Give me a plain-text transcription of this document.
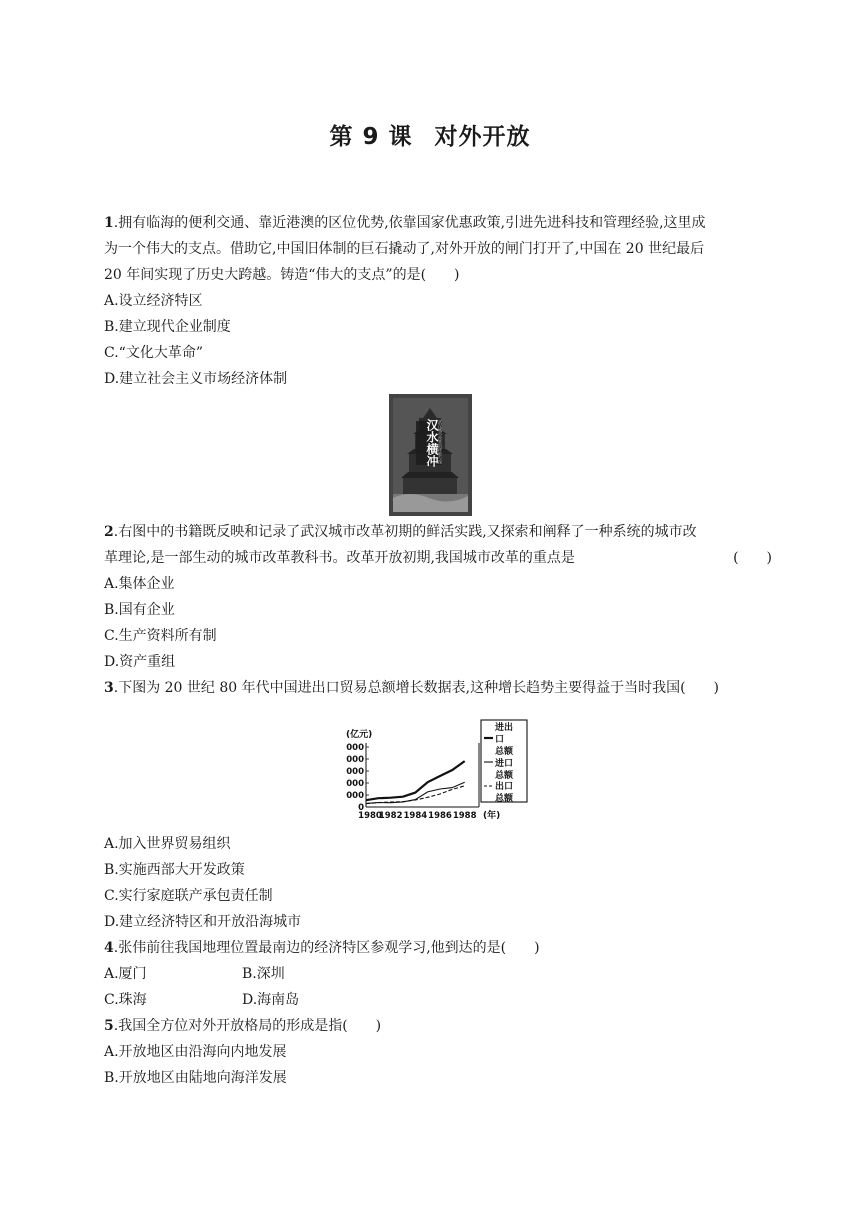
第 9 课 对外开放

1.拥有临海的便利交通、靠近港澳的区位优势,依靠国家优惠政策,引进先进科技和管理经验,这里成

为一个伟大的支点。借助它,中国旧体制的巨石撬动了,对外开放的闸门打开了,中国在 20 世纪最后

20 年间实现了历史大跨越。铸造“伟大的支点”的是(　　)

A.设立经济特区

B.建立现代企业制度

C.“文化大革命”

D.建立社会主义市场经济体制

汉水横冲 武汉城市改革的样板与探

2.右图中的书籍既反映和记录了武汉城市改革初期的鲜活实践,又探索和阐释了一种系统的城市改

革理论,是一部生动的城市改革教科书。改革开放初期,我国城市改革的重点是	(　　)

A.集体企业

B.国有企业

C.生产资料所有制

D.资产重组

3.下图为 20 世纪 80 年代中国进出口贸易总额增长数据表,这种增长趋势主要得益于当时我国(　　)

000
000
000
000
000
0
(亿元)
1980
1982 1984 1986 1988 (年)
进出
口
总额
进口
总额
出口
总额

A.加入世界贸易组织

B.实施西部大开发政策

C.实行家庭联产承包责任制

D.建立经济特区和开放沿海城市

4.张伟前往我国地理位置最南边的经济特区参观学习,他到达的是(　　)

A.厦门	B.深圳
C.珠海	D.海南岛

5.我国全方位对外开放格局的形成是指(　　)

A.开放地区由沿海向内地发展

B.开放地区由陆地向海洋发展
